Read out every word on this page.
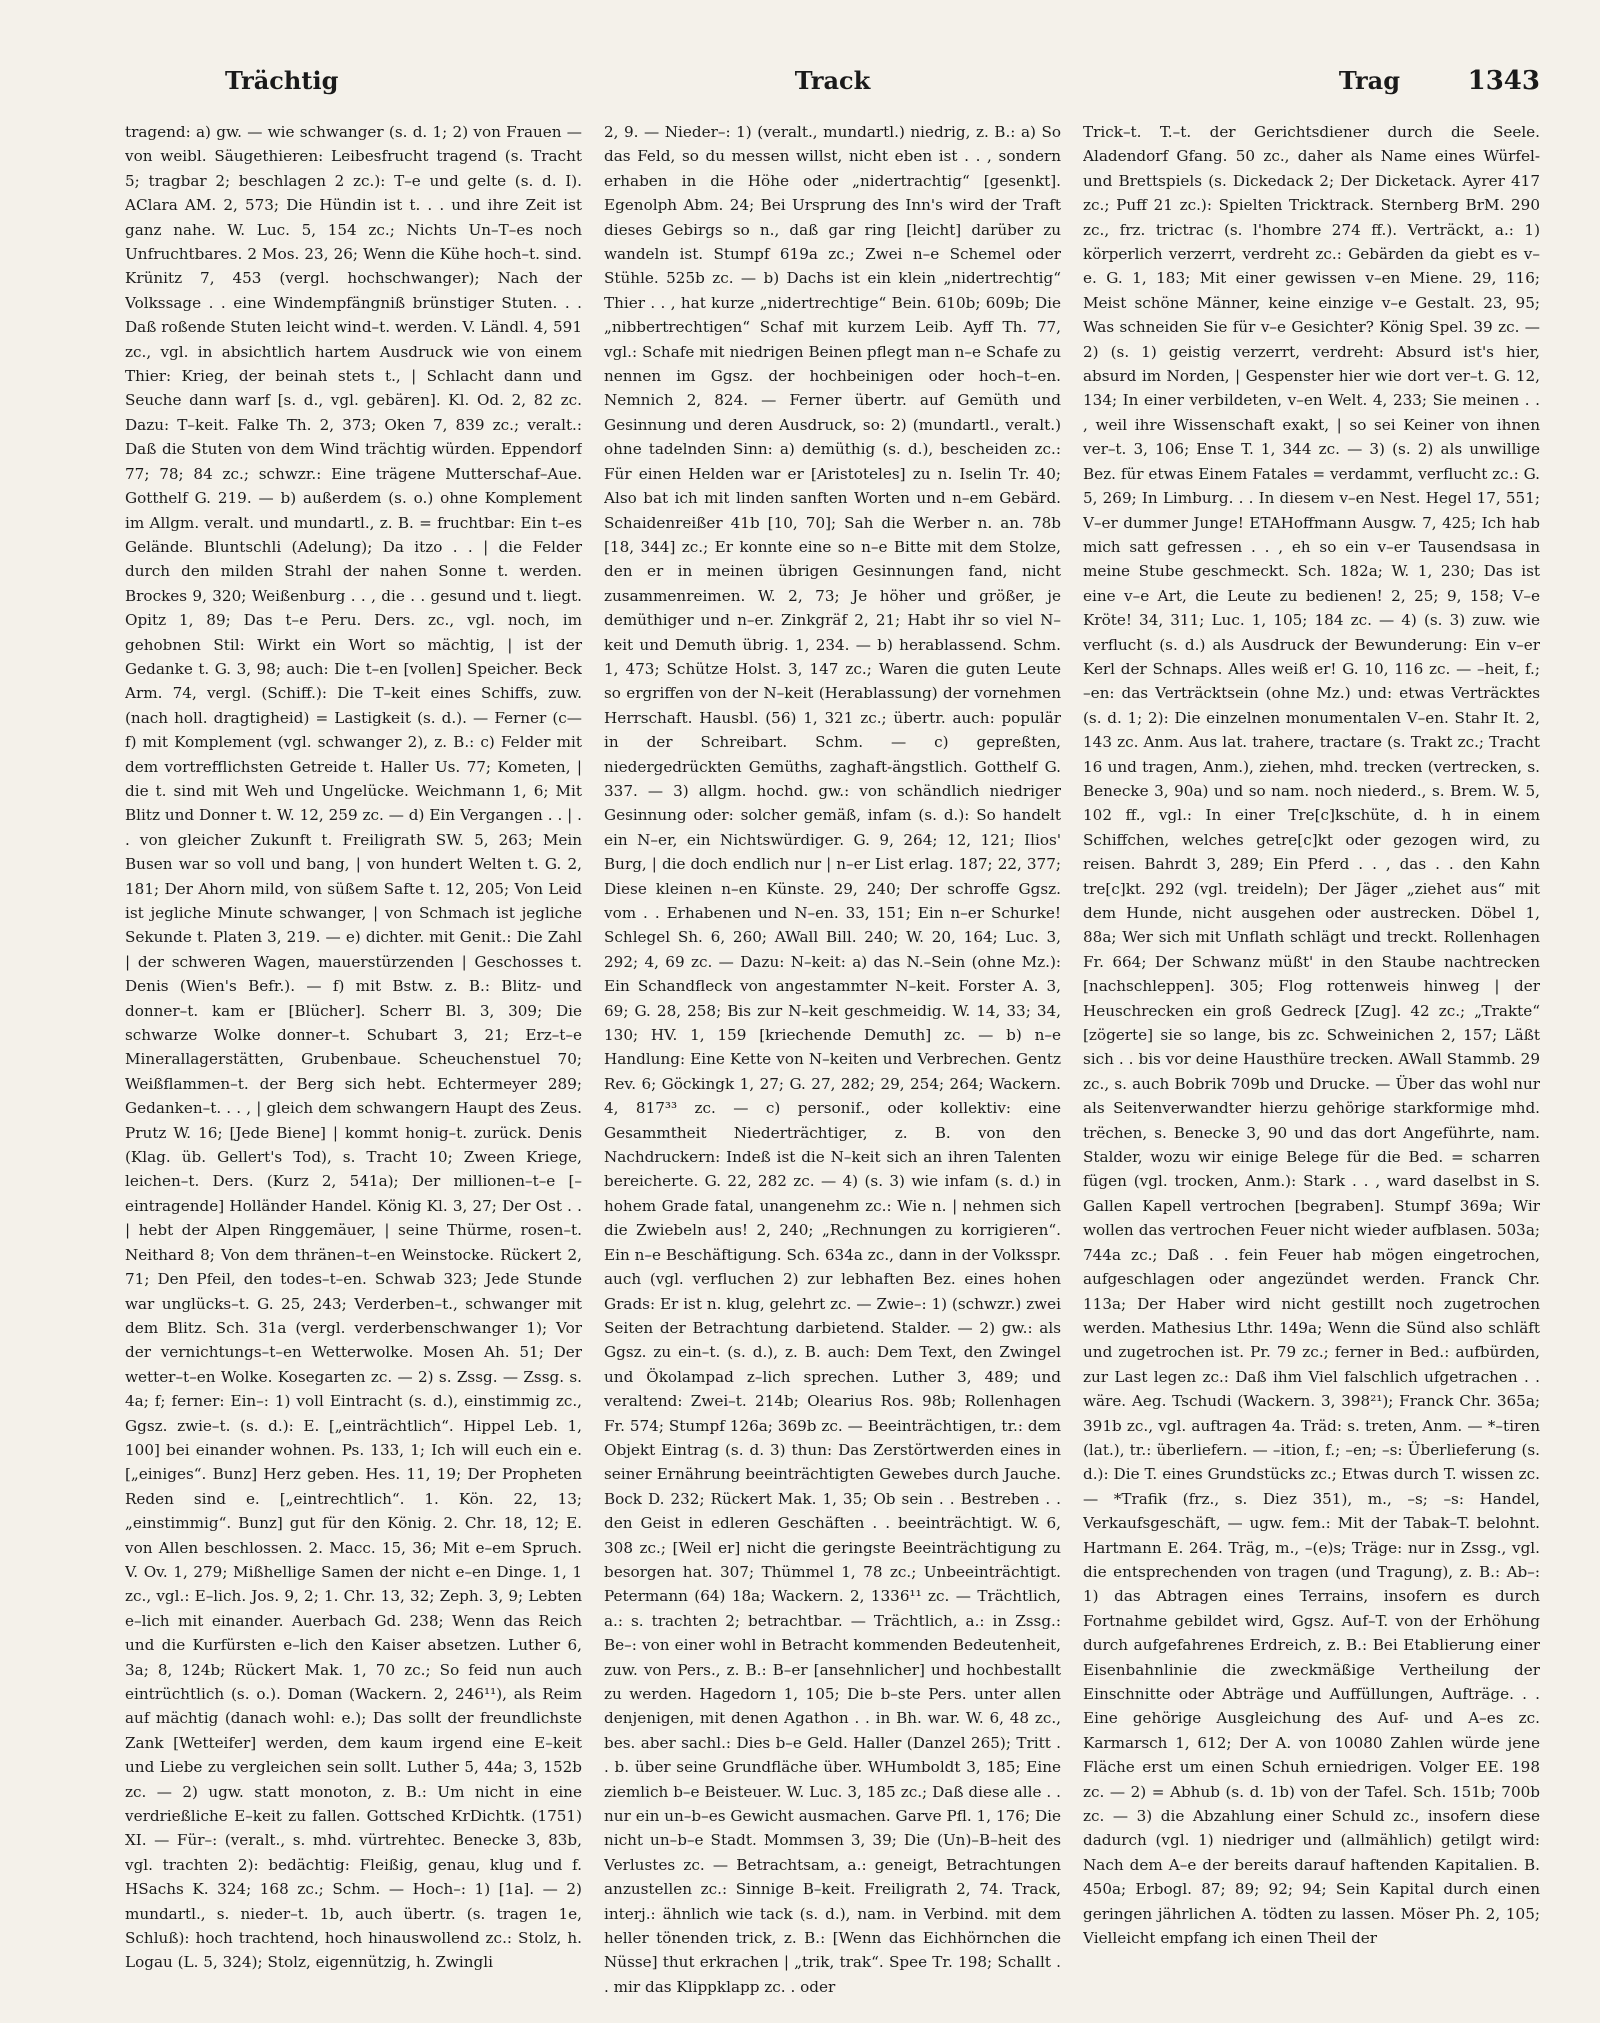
Trächtig	Track	Trag	1343

tragend: a) gw. — wie schwanger (s. d. 1; 2) von Frauen — von weibl. Säugethieren: Leibesfrucht tragend (s. Tracht 5; tragbar 2; beschlagen 2 zc.): T–e und gelte (s. d. I). AClara AM. 2, 573; Die Hündin ist t. . . und ihre Zeit ist ganz nahe. W. Luc. 5, 154 zc.; Nichts Un–T–es noch Unfruchtbares. 2 Mos. 23, 26; Wenn die Kühe hoch–t. sind. Krünitz 7, 453 (vergl. hochschwanger); Nach der Volkssage . . eine Windempfängniß brünstiger Stuten. . . Daß roßende Stuten leicht wind–t. werden. V. Ländl. 4, 591 zc., vgl. in absichtlich hartem Ausdruck wie von einem Thier: Krieg, der beinah stets t., | Schlacht dann und Seuche dann warf [s. d., vgl. gebären]. Kl. Od. 2, 82 zc. Dazu: T–keit. Falke Th. 2, 373; Oken 7, 839 zc.; veralt.: Daß die Stuten von dem Wind trächtig würden. Eppendorf 77; 78; 84 zc.; schwzr.: Eine trägene Mutterschaf–Aue. Gotthelf G. 219. — b) außerdem (s. o.) ohne Komplement im Allgm. veralt. und mundartl., z. B. = fruchtbar: Ein t–es Gelände. Bluntschli (Adelung); Da itzo . . | die Felder durch den milden Strahl der nahen Sonne t. werden. Brockes 9, 320; Weißenburg . . , die . . gesund und t. liegt. Opitz 1, 89; Das t–e Peru. Ders. zc., vgl. noch, im gehobnen Stil: Wirkt ein Wort so mächtig, | ist der Gedanke t. G. 3, 98; auch: Die t–en [vollen] Speicher. Beck Arm. 74, vergl. (Schiff.): Die T–keit eines Schiffs, zuw. (nach holl. dragtigheid) = Lastigkeit (s. d.). — Ferner (c—f) mit Komplement (vgl. schwanger 2), z. B.: c) Felder mit dem vortrefflichsten Getreide t. Haller Us. 77; Kometen, | die t. sind mit Weh und Ungelücke. Weichmann 1, 6; Mit Blitz und Donner t. W. 12, 259 zc. — d) Ein Vergangen . . | . . von gleicher Zukunft t. Freiligrath SW. 5, 263; Mein Busen war so voll und bang, | von hundert Welten t. G. 2, 181; Der Ahorn mild, von süßem Safte t. 12, 205; Von Leid ist jegliche Minute schwanger, | von Schmach ist jegliche Sekunde t. Platen 3, 219. — e) dichter. mit Genit.: Die Zahl | der schweren Wagen, mauerstürzenden | Geschosses t. Denis (Wien's Befr.). — f) mit Bstw. z. B.: Blitz- und donner–t. kam er [Blücher]. Scherr Bl. 3, 309; Die schwarze Wolke donner–t. Schubart 3, 21; Erz–t–e Minerallagerstätten, Grubenbaue. Scheuchenstuel 70; Weißflammen–t. der Berg sich hebt. Echtermeyer 289; Gedanken–t. . . , | gleich dem schwangern Haupt des Zeus. Prutz W. 16; [Jede Biene] | kommt honig–t. zurück. Denis (Klag. üb. Gellert's Tod), s. Tracht 10; Zween Kriege, leichen–t. Ders. (Kurz 2, 541a); Der millionen–t–e [–eintragende] Holländer Handel. König Kl. 3, 27; Der Ost . . | hebt der Alpen Ringgemäuer, | seine Thürme, rosen–t. Neithard 8; Von dem thränen–t–en Weinstocke. Rückert 2, 71; Den Pfeil, den todes–t–en. Schwab 323; Jede Stunde war unglücks–t. G. 25, 243; Verderben–t., schwanger mit dem Blitz. Sch. 31a (vergl. verderbenschwanger 1); Vor der vernichtungs–t–en Wetterwolke. Mosen Ah. 51; Der wetter–t–en Wolke. Kosegarten zc. — 2) s. Zssg. — Zssg. s. 4a; f; ferner: Ein–: 1) voll Eintracht (s. d.), einstimmig zc., Ggsz. zwie–t. (s. d.): E. [„einträchtlich“. Hippel Leb. 1, 100] bei einander wohnen. Ps. 133, 1; Ich will euch ein e. [„einiges“. Bunz] Herz geben. Hes. 11, 19; Der Propheten Reden sind e. [„eintrechtlich“. 1. Kön. 22, 13; „einstimmig“. Bunz] gut für den König. 2. Chr. 18, 12; E. von Allen beschlossen. 2. Macc. 15, 36; Mit e–em Spruch. V. Ov. 1, 279; Mißhellige Samen der nicht e–en Dinge. 1, 1 zc., vgl.: E–lich. Jos. 9, 2; 1. Chr. 13, 32; Zeph. 3, 9; Lebten e–lich mit einander. Auerbach Gd. 238; Wenn das Reich und die Kurfürsten e–lich den Kaiser absetzen. Luther 6, 3a; 8, 124b; Rückert Mak. 1, 70 zc.; So feid nun auch eintrüchtlich (s. o.). Doman (Wackern. 2, 246¹¹), als Reim auf mächtig (danach wohl: e.); Das sollt der freundlichste Zank [Wetteifer] werden, dem kaum irgend eine E–keit und Liebe zu vergleichen sein sollt. Luther 5, 44a; 3, 152b zc. — 2) ugw. statt monoton, z. B.: Um nicht in eine verdrießliche E–keit zu fallen. Gottsched KrDichtk. (1751) XI. — Für–: (veralt., s. mhd. vürtrehtec. Benecke 3, 83b, vgl. trachten 2): bedächtig: Fleißig, genau, klug und f. HSachs K. 324; 168 zc.; Schm. — Hoch–: 1) [1a]. — 2) mundartl., s. nieder–t. 1b, auch übertr. (s. tragen 1e, Schluß): hoch trachtend, hoch hinauswollend zc.: Stolz, h. Logau (L. 5, 324); Stolz, eigennützig, h. Zwingli

2, 9. — Nieder–: 1) (veralt., mundartl.) niedrig, z. B.: a) So das Feld, so du messen willst, nicht eben ist . . , sondern erhaben in die Höhe oder „nidertrachtig“ [gesenkt]. Egenolph Abm. 24; Bei Ursprung des Inn's wird der Traft dieses Gebirgs so n., daß gar ring [leicht] darüber zu wandeln ist. Stumpf 619a zc.; Zwei n–e Schemel oder Stühle. 525b zc. — b) Dachs ist ein klein „nidertrechtig“ Thier . . , hat kurze „nidertrechtige“ Bein. 610b; 609b; Die „nibbertrechtigen“ Schaf mit kurzem Leib. Ayff Th. 77, vgl.: Schafe mit niedrigen Beinen pflegt man n–e Schafe zu nennen im Ggsz. der hochbeinigen oder hoch–t–en. Nemnich 2, 824. — Ferner übertr. auf Gemüth und Gesinnung und deren Ausdruck, so: 2) (mundartl., veralt.) ohne tadelnden Sinn: a) demüthig (s. d.), bescheiden zc.: Für einen Helden war er [Aristoteles] zu n. Iselin Tr. 40; Also bat ich mit linden sanften Worten und n–em Gebärd. Schaidenreißer 41b [10, 70]; Sah die Werber n. an. 78b [18, 344] zc.; Er konnte eine so n–e Bitte mit dem Stolze, den er in meinen übrigen Gesinnungen fand, nicht zusammenreimen. W. 2, 73; Je höher und größer, je demüthiger und n–er. Zinkgräf 2, 21; Habt ihr so viel N–keit und Demuth übrig. 1, 234. — b) herablassend. Schm. 1, 473; Schütze Holst. 3, 147 zc.; Waren die guten Leute so ergriffen von der N–keit (Herablassung) der vornehmen Herrschaft. Hausbl. (56) 1, 321 zc.; übertr. auch: populär in der Schreibart. Schm. — c) gepreßten, niedergedrückten Gemüths, zaghaft-ängstlich. Gotthelf G. 337. — 3) allgm. hochd. gw.: von schändlich niedriger Gesinnung oder: solcher gemäß, infam (s. d.): So handelt ein N–er, ein Nichtswürdiger. G. 9, 264; 12, 121; Ilios' Burg, | die doch endlich nur | n–er List erlag. 187; 22, 377; Diese kleinen n–en Künste. 29, 240; Der schroffe Ggsz. vom . . Erhabenen und N–en. 33, 151; Ein n–er Schurke! Schlegel Sh. 6, 260; AWall Bill. 240; W. 20, 164; Luc. 3, 292; 4, 69 zc. — Dazu: N–keit: a) das N.–Sein (ohne Mz.): Ein Schandfleck von angestammter N–keit. Forster A. 3, 69; G. 28, 258; Bis zur N–keit geschmeidig. W. 14, 33; 34, 130; HV. 1, 159 [kriechende Demuth] zc. — b) n–e Handlung: Eine Kette von N–keiten und Verbrechen. Gentz Rev. 6; Göckingk 1, 27; G. 27, 282; 29, 254; 264; Wackern. 4, 817³³ zc. — c) personif., oder kollektiv: eine Gesammtheit Niederträchtiger, z. B. von den Nachdruckern: Indeß ist die N–keit sich an ihren Talenten bereicherte. G. 22, 282 zc. — 4) (s. 3) wie infam (s. d.) in hohem Grade fatal, unangenehm zc.: Wie n. | nehmen sich die Zwiebeln aus! 2, 240; „Rechnungen zu korrigieren“. Ein n–e Beschäftigung. Sch. 634a zc., dann in der Volksspr. auch (vgl. verfluchen 2) zur lebhaften Bez. eines hohen Grads: Er ist n. klug, gelehrt zc. — Zwie–: 1) (schwzr.) zwei Seiten der Betrachtung darbietend. Stalder. — 2) gw.: als Ggsz. zu ein–t. (s. d.), z. B. auch: Dem Text, den Zwingel und Ökolampad z–lich sprechen. Luther 3, 489; und veraltend: Zwei–t. 214b; Olearius Ros. 98b; Rollenhagen Fr. 574; Stumpf 126a; 369b zc. — Beeinträchtigen, tr.: dem Objekt Eintrag (s. d. 3) thun: Das Zerstörtwerden eines in seiner Ernährung beeinträchtigten Gewebes durch Jauche. Bock D. 232; Rückert Mak. 1, 35; Ob sein . . Bestreben . . den Geist in edleren Geschäften . . beeinträchtigt. W. 6, 308 zc.; [Weil er] nicht die geringste Beeinträchtigung zu besorgen hat. 307; Thümmel 1, 78 zc.; Unbeeinträchtigt. Petermann (64) 18a; Wackern. 2, 1336¹¹ zc. — Trächtlich, a.: s. trachten 2; betrachtbar. — Trächtlich, a.: in Zssg.: Be–: von einer wohl in Betracht kommenden Bedeutenheit, zuw. von Pers., z. B.: B–er [ansehnlicher] und hochbestallt zu werden. Hagedorn 1, 105; Die b–ste Pers. unter allen denjenigen, mit denen Agathon . . in Bh. war. W. 6, 48 zc., bes. aber sachl.: Dies b–e Geld. Haller (Danzel 265); Tritt . . b. über seine Grundfläche über. WHumboldt 3, 185; Eine ziemlich b–e Beisteuer. W. Luc. 3, 185 zc.; Daß diese alle . . nur ein un–b–es Gewicht ausmachen. Garve Pfl. 1, 176; Die nicht un–b–e Stadt. Mommsen 3, 39; Die (Un)–B–heit des Verlustes zc. — Betrachtsam, a.: geneigt, Betrachtungen anzustellen zc.: Sinnige B–keit. Freiligrath 2, 74. Track, interj.: ähnlich wie tack (s. d.), nam. in Verbind. mit dem heller tönenden trick, z. B.: [Wenn das Eichhörnchen die Nüsse] thut erkrachen | „trik, trak“. Spee Tr. 198; Schallt . . mir das Klippklapp zc. . oder

Trick–t. T.–t. der Gerichtsdiener durch die Seele. Aladendorf Gfang. 50 zc., daher als Name eines Würfel- und Brettspiels (s. Dickedack 2; Der Dicketack. Ayrer 417 zc.; Puff 21 zc.): Spielten Tricktrack. Sternberg BrM. 290 zc., frz. trictrac (s. l'hombre 274 ff.). Verträckt, a.: 1) körperlich verzerrt, verdreht zc.: Gebärden da giebt es v–e. G. 1, 183; Mit einer gewissen v–en Miene. 29, 116; Meist schöne Männer, keine einzige v–e Gestalt. 23, 95; Was schneiden Sie für v–e Gesichter? König Spel. 39 zc. — 2) (s. 1) geistig verzerrt, verdreht: Absurd ist's hier, absurd im Norden, | Gespenster hier wie dort ver–t. G. 12, 134; In einer verbildeten, v–en Welt. 4, 233; Sie meinen . . , weil ihre Wissenschaft exakt, | so sei Keiner von ihnen ver–t. 3, 106; Ense T. 1, 344 zc. — 3) (s. 2) als unwillige Bez. für etwas Einem Fatales = verdammt, verflucht zc.: G. 5, 269; In Limburg. . . In diesem v–en Nest. Hegel 17, 551; V–er dummer Junge! ETAHoffmann Ausgw. 7, 425; Ich hab mich satt gefressen . . , eh so ein v–er Tausendsasa in meine Stube geschmeckt. Sch. 182a; W. 1, 230; Das ist eine v–e Art, die Leute zu bedienen! 2, 25; 9, 158; V–e Kröte! 34, 311; Luc. 1, 105; 184 zc. — 4) (s. 3) zuw. wie verflucht (s. d.) als Ausdruck der Bewunderung: Ein v–er Kerl der Schnaps. Alles weiß er! G. 10, 116 zc. — –heit, f.; –en: das Verträcktsein (ohne Mz.) und: etwas Verträcktes (s. d. 1; 2): Die einzelnen monumentalen V–en. Stahr It. 2, 143 zc. Anm. Aus lat. trahere, tractare (s. Trakt zc.; Tracht 16 und tragen, Anm.), ziehen, mhd. trecken (vertrecken, s. Benecke 3, 90a) und so nam. noch niederd., s. Brem. W. 5, 102 ff., vgl.: In einer Tre[c]kschüte, d. h in einem Schiffchen, welches getre[c]kt oder gezogen wird, zu reisen. Bahrdt 3, 289; Ein Pferd . . , das . . den Kahn tre[c]kt. 292 (vgl. treideln); Der Jäger „ziehet aus“ mit dem Hunde, nicht ausgehen oder austrecken. Döbel 1, 88a; Wer sich mit Unflath schlägt und treckt. Rollenhagen Fr. 664; Der Schwanz müßt' in den Staube nachtrecken [nachschleppen]. 305; Flog rottenweis hinweg | der Heuschrecken ein groß Gedreck [Zug]. 42 zc.; „Trakte“ [zögerte] sie so lange, bis zc. Schweinichen 2, 157; Läßt sich . . bis vor deine Hausthüre trecken. AWall Stammb. 29 zc., s. auch Bobrik 709b und Drucke. — Über das wohl nur als Seitenverwandter hierzu gehörige starkformige mhd. trëchen, s. Benecke 3, 90 und das dort Angeführte, nam. Stalder, wozu wir einige Belege für die Bed. = scharren fügen (vgl. trocken, Anm.): Stark . . , ward daselbst in S. Gallen Kapell vertrochen [begraben]. Stumpf 369a; Wir wollen das vertrochen Feuer nicht wieder aufblasen. 503a; 744a zc.; Daß . . fein Feuer hab mögen eingetrochen, aufgeschlagen oder angezündet werden. Franck Chr. 113a; Der Haber wird nicht gestillt noch zugetrochen werden. Mathesius Lthr. 149a; Wenn die Sünd also schläft und zugetrochen ist. Pr. 79 zc.; ferner in Bed.: aufbürden, zur Last legen zc.: Daß ihm Viel falschlich ufgetrachen . . wäre. Aeg. Tschudi (Wackern. 3, 398²¹); Franck Chr. 365a; 391b zc., vgl. auftragen 4a. Träd: s. treten, Anm. — *–tiren (lat.), tr.: überliefern. — –ition, f.; –en; –s: Überlieferung (s. d.): Die T. eines Grundstücks zc.; Etwas durch T. wissen zc. — *Trafik (frz., s. Diez 351), m., –s; –s: Handel, Verkaufsgeschäft, — ugw. fem.: Mit der Tabak–T. belohnt. Hartmann E. 264. Träg, m., –(e)s; Träge: nur in Zssg., vgl. die entsprechenden von tragen (und Tragung), z. B.: Ab–: 1) das Abtragen eines Terrains, insofern es durch Fortnahme gebildet wird, Ggsz. Auf–T. von der Erhöhung durch aufgefahrenes Erdreich, z. B.: Bei Etablierung einer Eisenbahnlinie die zweckmäßige Vertheilung der Einschnitte oder Abträge und Auffüllungen, Aufträge. . . Eine gehörige Ausgleichung des Auf- und A–es zc. Karmarsch 1, 612; Der A. von 10080 Zahlen würde jene Fläche erst um einen Schuh erniedrigen. Volger EE. 198 zc. — 2) = Abhub (s. d. 1b) von der Tafel. Sch. 151b; 700b zc. — 3) die Abzahlung einer Schuld zc., insofern diese dadurch (vgl. 1) niedriger und (allmählich) getilgt wird: Nach dem A–e der bereits darauf haftenden Kapitalien. B. 450a; Erbogl. 87; 89; 92; 94; Sein Kapital durch einen geringen jährlichen A. tödten zu lassen. Möser Ph. 2, 105; Vielleicht empfang ich einen Theil der
